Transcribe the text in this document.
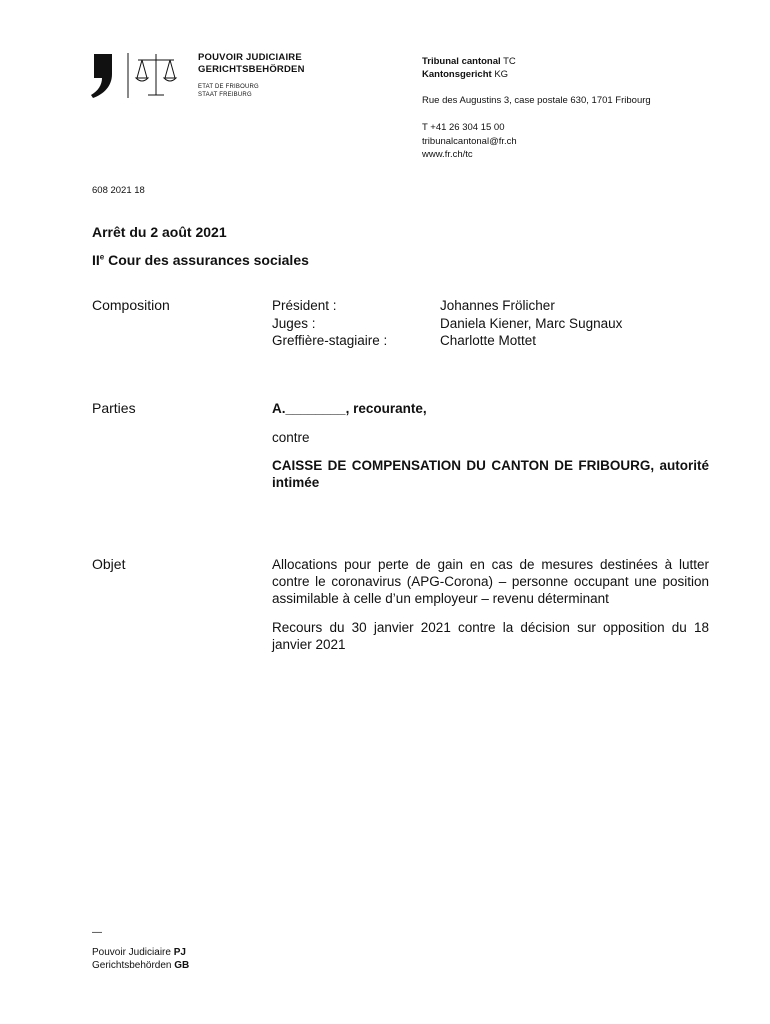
POUVOIR JUDICIAIRE
GERICHTSBEHÖRDEN
ETAT DE FRIBOURG
STAAT FREIBURG
Tribunal cantonal TC
Kantonsgericht KG
Rue des Augustins 3, case postale 630, 1701 Fribourg
T +41 26 304 15 00
tribunalcantonal@fr.ch
www.fr.ch/tc
608 2021 18
Arrêt du 2 août 2021
IIe Cour des assurances sociales
Composition	Président :	Johannes Frölicher
Juges :	Daniela Kiener, Marc Sugnaux
Greffière-stagiaire :	Charlotte Mottet
Parties	A.________, recourante,
contre
CAISSE DE COMPENSATION DU CANTON DE FRIBOURG, autorité intimée
Objet	Allocations pour perte de gain en cas de mesures destinées à lutter contre le coronavirus (APG-Corona) – personne occupant une position assimilable à celle d’un employeur – revenu déterminant
Recours du 30 janvier 2021 contre la décision sur opposition du 18 janvier 2021
—
Pouvoir Judiciaire PJ
Gerichtsbehörden GB
